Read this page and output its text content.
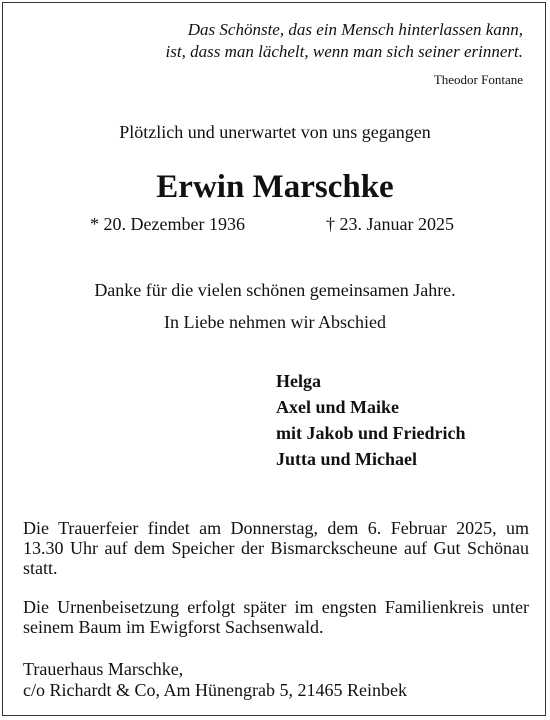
Das Schönste, das ein Mensch hinterlassen kann,
ist, dass man lächelt, wenn man sich seiner erinnert.
Theodor Fontane
Plötzlich und unerwartet von uns gegangen
Erwin Marschke
* 20. Dezember 1936	† 23. Januar 2025
Danke für die vielen schönen gemeinsamen Jahre.
In Liebe nehmen wir Abschied
Helga
Axel und Maike
mit Jakob und Friedrich
Jutta und Michael

Die Trauerfeier findet am Donnerstag, dem 6. Februar 2025, um 13.30 Uhr auf dem Speicher der Bismarckscheune auf Gut Schönau statt.

Die Urnenbeisetzung erfolgt später im engsten Familienkreis unter seinem Baum im Ewigforst Sachsenwald.

Trauerhaus Marschke,
c/o Richardt & Co, Am Hünengrab 5, 21465 Reinbek
